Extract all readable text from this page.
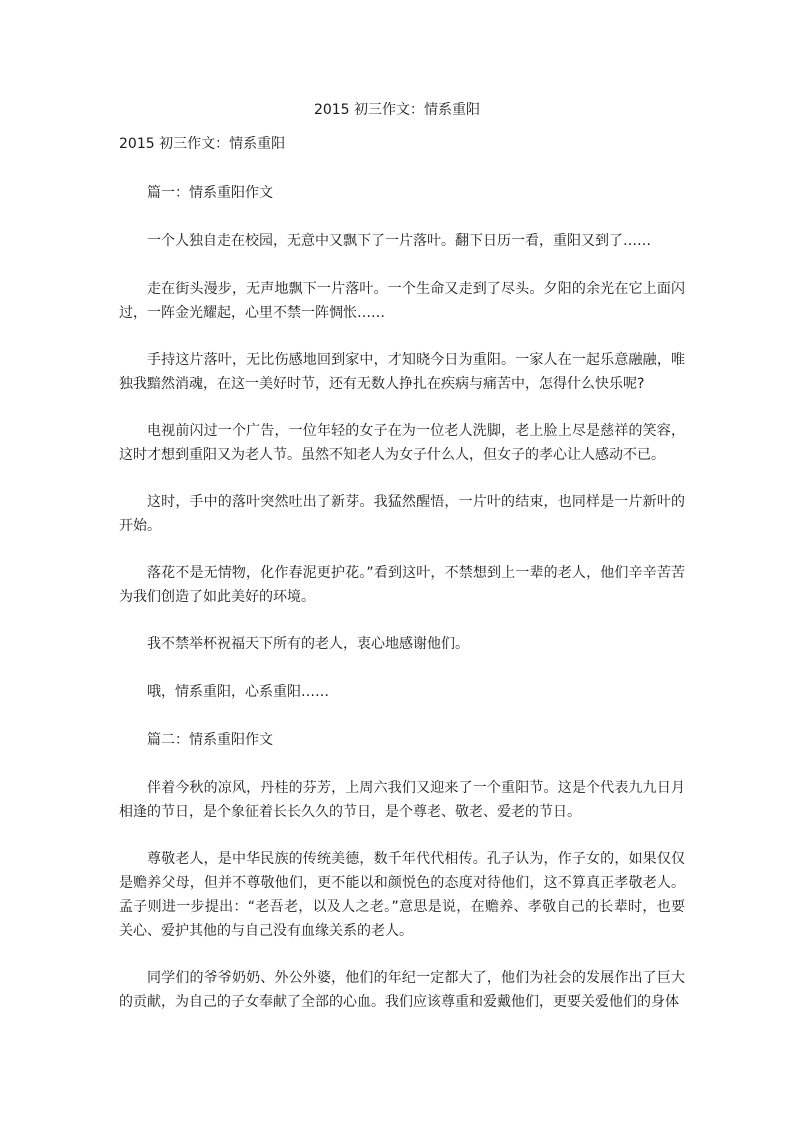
2015 初三作文：情系重阳
2015 初三作文：情系重阳

篇一：情系重阳作文

一个人独自走在校园，无意中又飘下了一片落叶。翻下日历一看，重阳又到了……

走在街头漫步，无声地飘下一片落叶。一个生命又走到了尽头。夕阳的余光在它上面闪过，一阵金光耀起，心里不禁一阵惆怅……

手持这片落叶，无比伤感地回到家中，才知晓今日为重阳。一家人在一起乐意融融，唯独我黯然消魂，在这一美好时节，还有无数人挣扎在疾病与痛苦中，怎得什么快乐呢?

电视前闪过一个广告，一位年轻的女子在为一位老人洗脚，老上脸上尽是慈祥的笑容，这时才想到重阳又为老人节。虽然不知老人为女子什么人，但女子的孝心让人感动不已。

这时，手中的落叶突然吐出了新芽。我猛然醒悟，一片叶的结束，也同样是一片新叶的开始。

落花不是无情物，化作春泥更护花。”看到这叶，不禁想到上一辈的老人，他们辛辛苦苦为我们创造了如此美好的环境。

我不禁举杯祝福天下所有的老人，衷心地感谢他们。

哦，情系重阳，心系重阳……

篇二：情系重阳作文

伴着今秋的凉风，丹桂的芬芳，上周六我们又迎来了一个重阳节。这是个代表九九日月相逢的节日，是个象征着长长久久的节日，是个尊老、敬老、爱老的节日。

尊敬老人，是中华民族的传统美德，数千年代代相传。孔子认为，作子女的，如果仅仅是赡养父母，但并不尊敬他们，更不能以和颜悦色的态度对待他们，这不算真正孝敬老人。孟子则进一步提出：“老吾老，以及人之老。”意思是说，在赡养、孝敬自己的长辈时，也要关心、爱护其他的与自己没有血缘关系的老人。

同学们的爷爷奶奶、外公外婆，他们的年纪一定都大了，他们为社会的发展作出了巨大的贡献，为自己的子女奉献了全部的心血。我们应该尊重和爱戴他们，更要关爱他们的身体
